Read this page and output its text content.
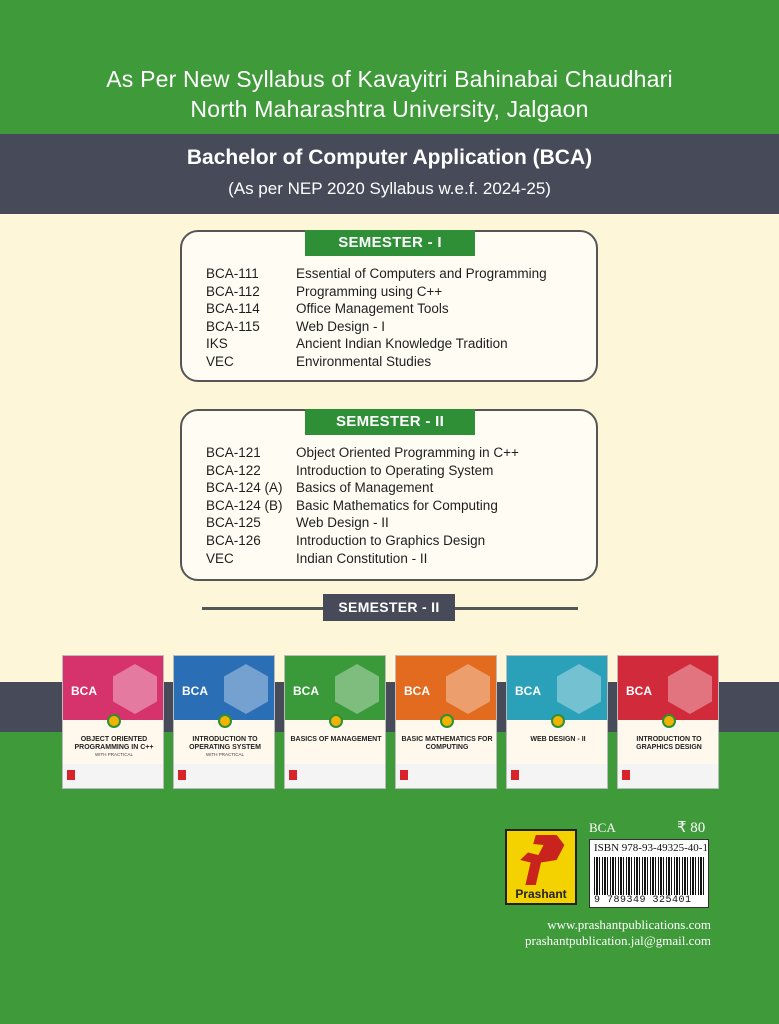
As Per New Syllabus of Kavayitri Bahinabai Chaudhari
North Maharashtra University, Jalgaon
Bachelor of Computer Application (BCA)
(As per NEP 2020 Syllabus w.e.f. 2024-25)
SEMESTER - I
BCA-111	Essential of Computers and Programming
BCA-112	Programming using C++
BCA-114	Office Management Tools
BCA-115	Web Design - I
IKS	Ancient Indian Knowledge Tradition
VEC	Environmental Studies
SEMESTER - II
BCA-121	Object Oriented Programming in C++
BCA-122	Introduction to Operating System
BCA-124 (A) Basics of Management
BCA-124 (B) Basic Mathematics for Computing
BCA-125	Web Design - II
BCA-126	Introduction to Graphics Design
VEC	Indian Constitution - II
SEMESTER - II
BCA
OBJECT ORIENTED PROGRAMMING IN C++
WITH PRACTICAL
BCA
INTRODUCTION TO OPERATING SYSTEM
WITH PRACTICAL
BCA
BASICS OF MANAGEMENT
BCA
BASIC MATHEMATICS FOR COMPUTING
BCA
WEB DESIGN - II
BCA
INTRODUCTION TO GRAPHICS DESIGN
Prashant
BCA	₹ 80
ISBN 978-93-49325-40-1
9 789349 325401
www.prashantpublications.com
prashantpublication.jal@gmail.com
